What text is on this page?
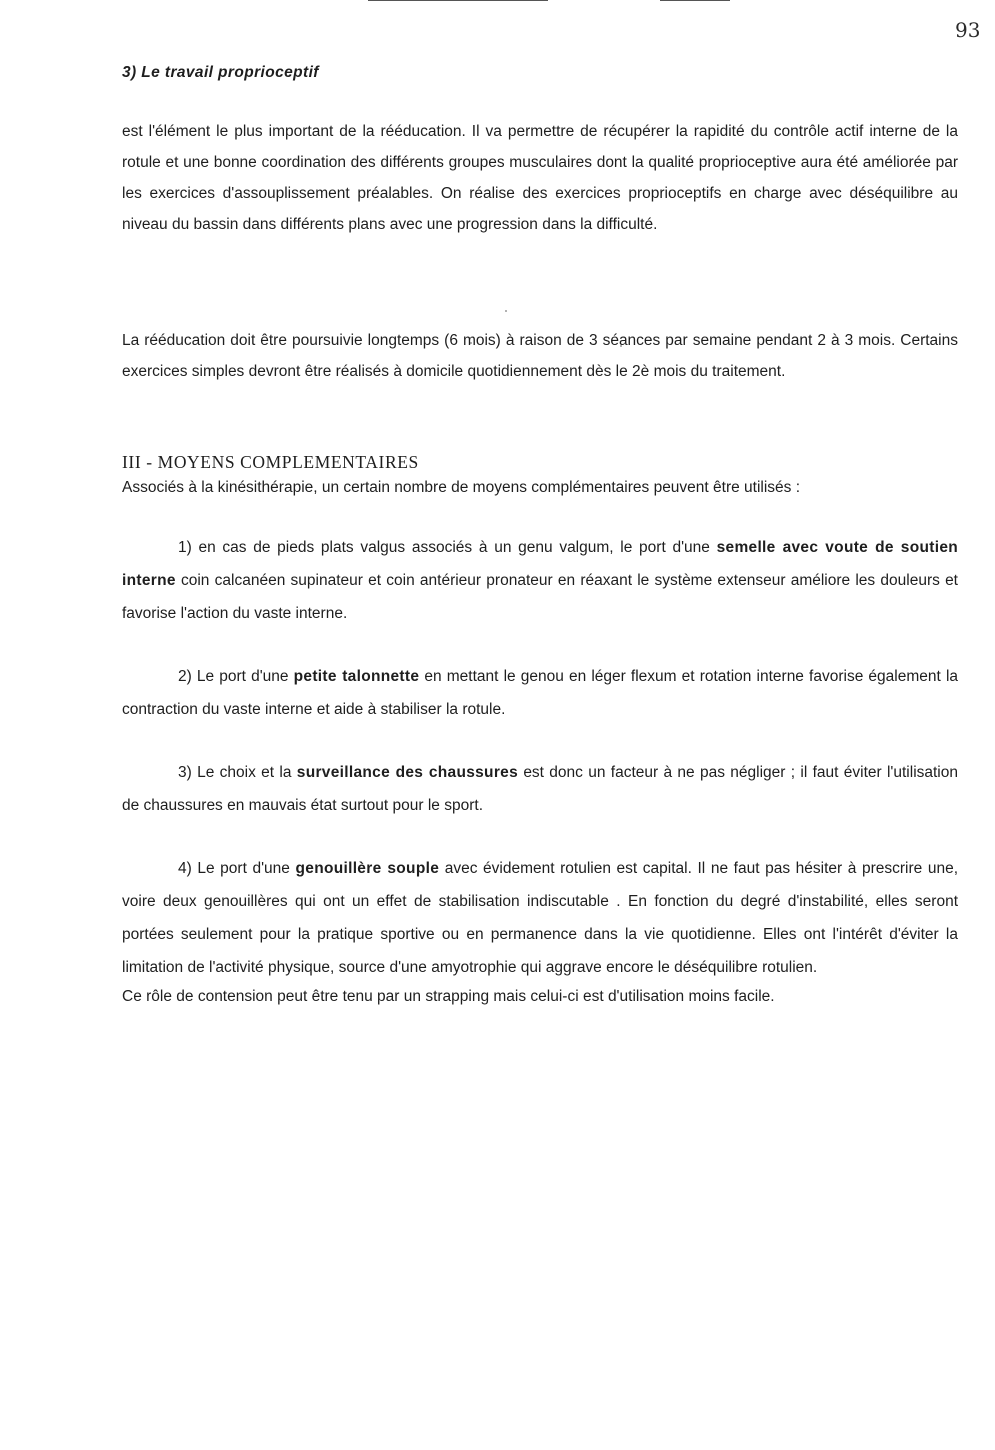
93

3) Le travail proprioceptif

est l'élément le plus important de la rééducation. Il va permettre de récupérer la rapidité du contrôle actif interne de la rotule et une bonne coordination des différents groupes musculaires dont la qualité proprioceptive aura été améliorée par les exercices d'assouplissement préalables. On réalise des exercices proprioceptifs en charge avec déséquilibre au niveau du bassin dans différents plans avec une progression dans la difficulté.

La rééducation doit être poursuivie longtemps (6 mois) à raison de 3 séances par semaine pendant 2 à 3 mois. Certains exercices simples devront être réalisés à domicile quotidiennement dès le 2è mois du traitement.

III - MOYENS COMPLEMENTAIRES

Associés à la kinésithérapie, un certain nombre de moyens complémentaires peuvent être utilisés :

1) en cas de pieds plats valgus associés à un genu valgum, le port d'une semelle avec voute de soutien interne coin calcanéen supinateur et coin antérieur pronateur en réaxant le système extenseur améliore les douleurs et favorise l'action du vaste interne.

2) Le port d'une petite talonnette en mettant le genou en léger flexum et rotation interne favorise également la contraction du vaste interne et aide à stabiliser la rotule.

3) Le choix et la surveillance des chaussures est donc un facteur à ne pas négliger ; il faut éviter l'utilisation de chaussures en mauvais état surtout pour le sport.

4) Le port d'une genouillère souple avec évidement rotulien est capital. Il ne faut pas hésiter à prescrire une, voire deux genouillères qui ont un effet de stabilisation indiscutable . En fonction du degré d'instabilité, elles seront portées seulement pour la pratique sportive ou en permanence dans la vie quotidienne. Elles ont l'intérêt d'éviter la limitation de l'activité physique, source d'une amyotrophie qui aggrave encore le déséquilibre rotulien.

Ce rôle de contension peut être tenu par un strapping mais celui-ci est d'utilisation moins facile.
